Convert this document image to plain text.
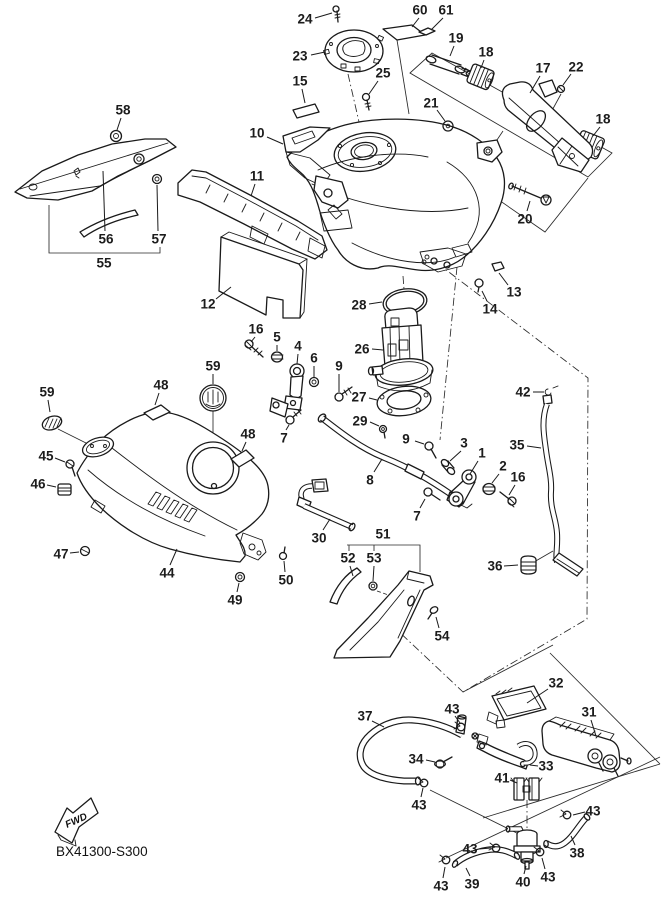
FWD
BX41300-S300
24
23
60 61
19
18
17 22
25
15
21
18
10
58
11
20
56	57
55
12	28
26
27
29
16
5
4
6
9
7
48
59
59
45
46
47
44
49
50
48
13
14
42
35
36
9	3
1
2
16
7
8
30	51
52 53
54
32
31
37
34	33
41
40
38
39
43
43	43
43
43
43
